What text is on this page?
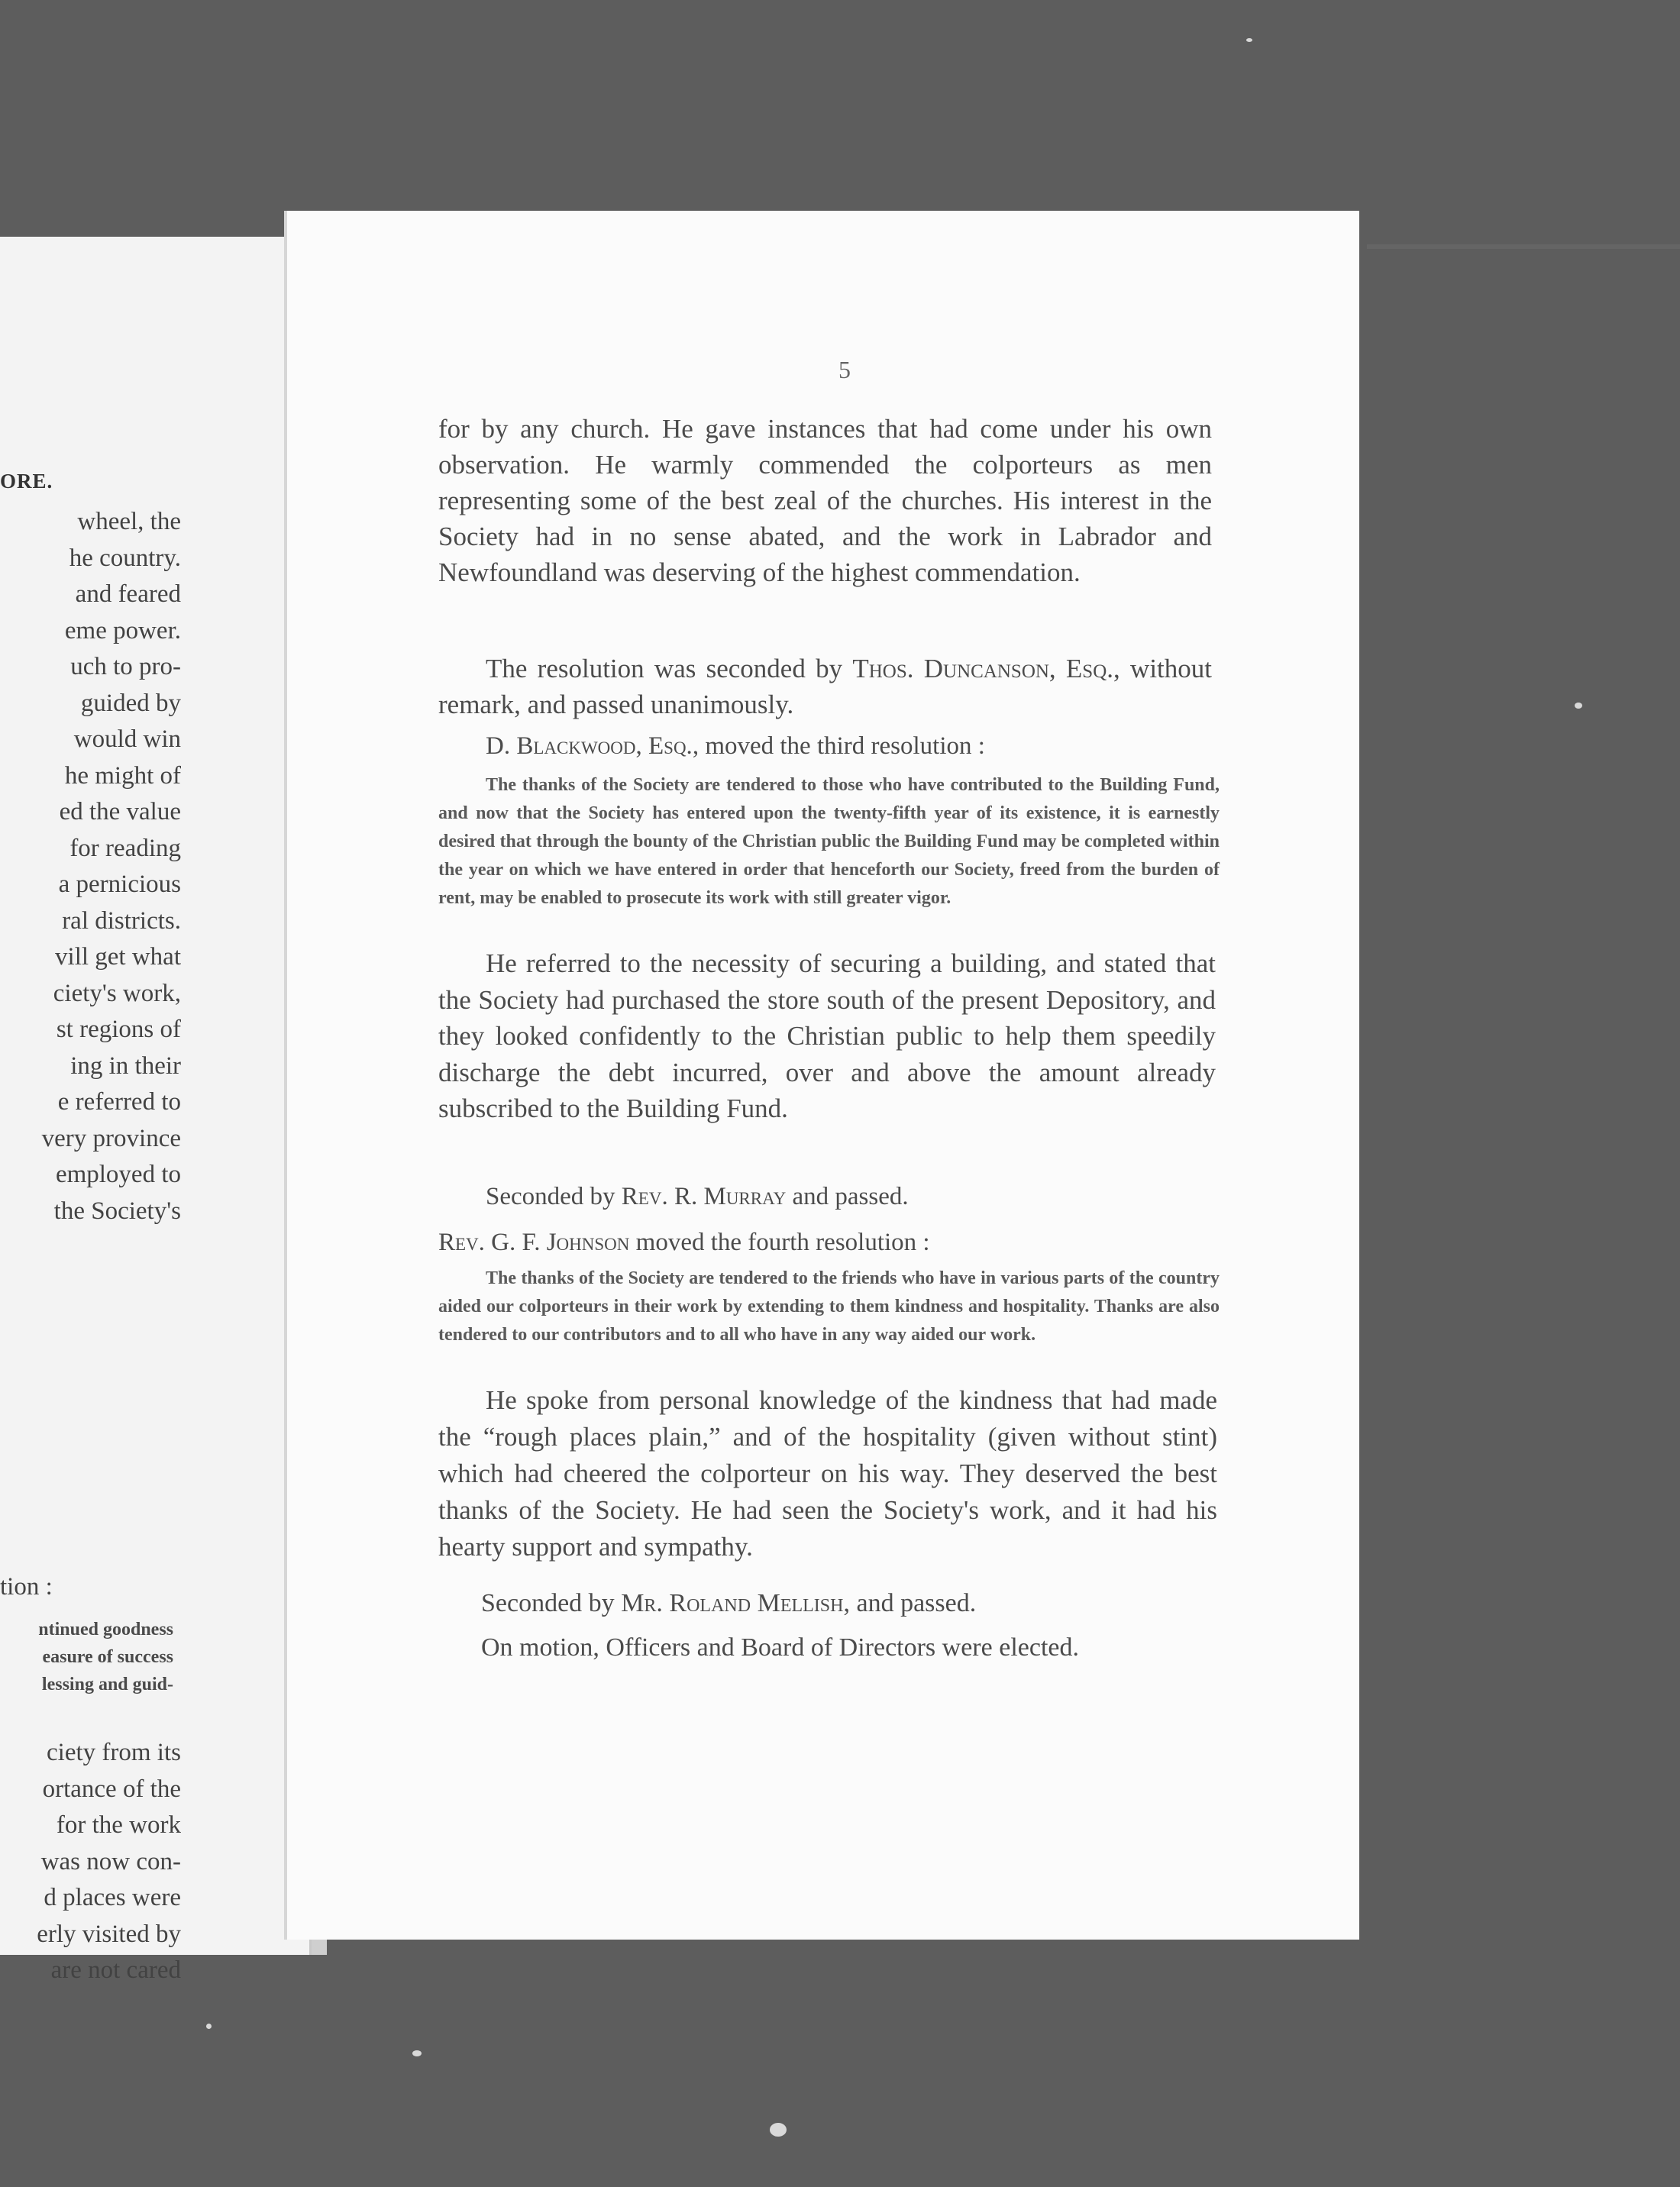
ORE.
wheel, the
he country.
and feared
eme power.
uch to pro-
guided by
would win
he might of
ed the value
for reading
a pernicious
ral districts.
vill get what
ciety's work,
st regions of
ing in their
e referred to
very province
employed to
the Society's
tion :
ntinued goodness
easure of success
lessing and guid-
ciety from its
ortance of the
for the work
was now con-
d places were
erly visited by
are not cared
5

for by any church. He gave instances that had come under his own observation. He warmly commended the colporteurs as men representing some of the best zeal of the churches. His interest in the Society had in no sense abated, and the work in Labrador and Newfoundland was deserving of the highest commendation.

The resolution was seconded by Thos. Duncanson, Esq., without remark, and passed unanimously.

D. Blackwood, Esq., moved the third resolution :

The thanks of the Society are tendered to those who have contributed to the Building Fund, and now that the Society has entered upon the twenty-fifth year of its existence, it is earnestly desired that through the bounty of the Christian public the Building Fund may be completed within the year on which we have entered in order that henceforth our Society, freed from the burden of rent, may be enabled to prosecute its work with still greater vigor.

He referred to the necessity of securing a building, and stated that the Society had purchased the store south of the present Depository, and they looked confidently to the Christian public to help them speedily discharge the debt incurred, over and above the amount already subscribed to the Building Fund.

Seconded by Rev. R. Murray and passed.

Rev. G. F. Johnson moved the fourth resolution :

The thanks of the Society are tendered to the friends who have in various parts of the country aided our colporteurs in their work by extending to them kindness and hospitality. Thanks are also tendered to our contributors and to all who have in any way aided our work.

He spoke from personal knowledge of the kindness that had made the “rough places plain,” and of the hospitality (given without stint) which had cheered the colporteur on his way. They deserved the best thanks of the Society. He had seen the Society's work, and it had his hearty support and sympathy.

Seconded by Mr. Roland Mellish, and passed.

On motion, Officers and Board of Directors were elected.
